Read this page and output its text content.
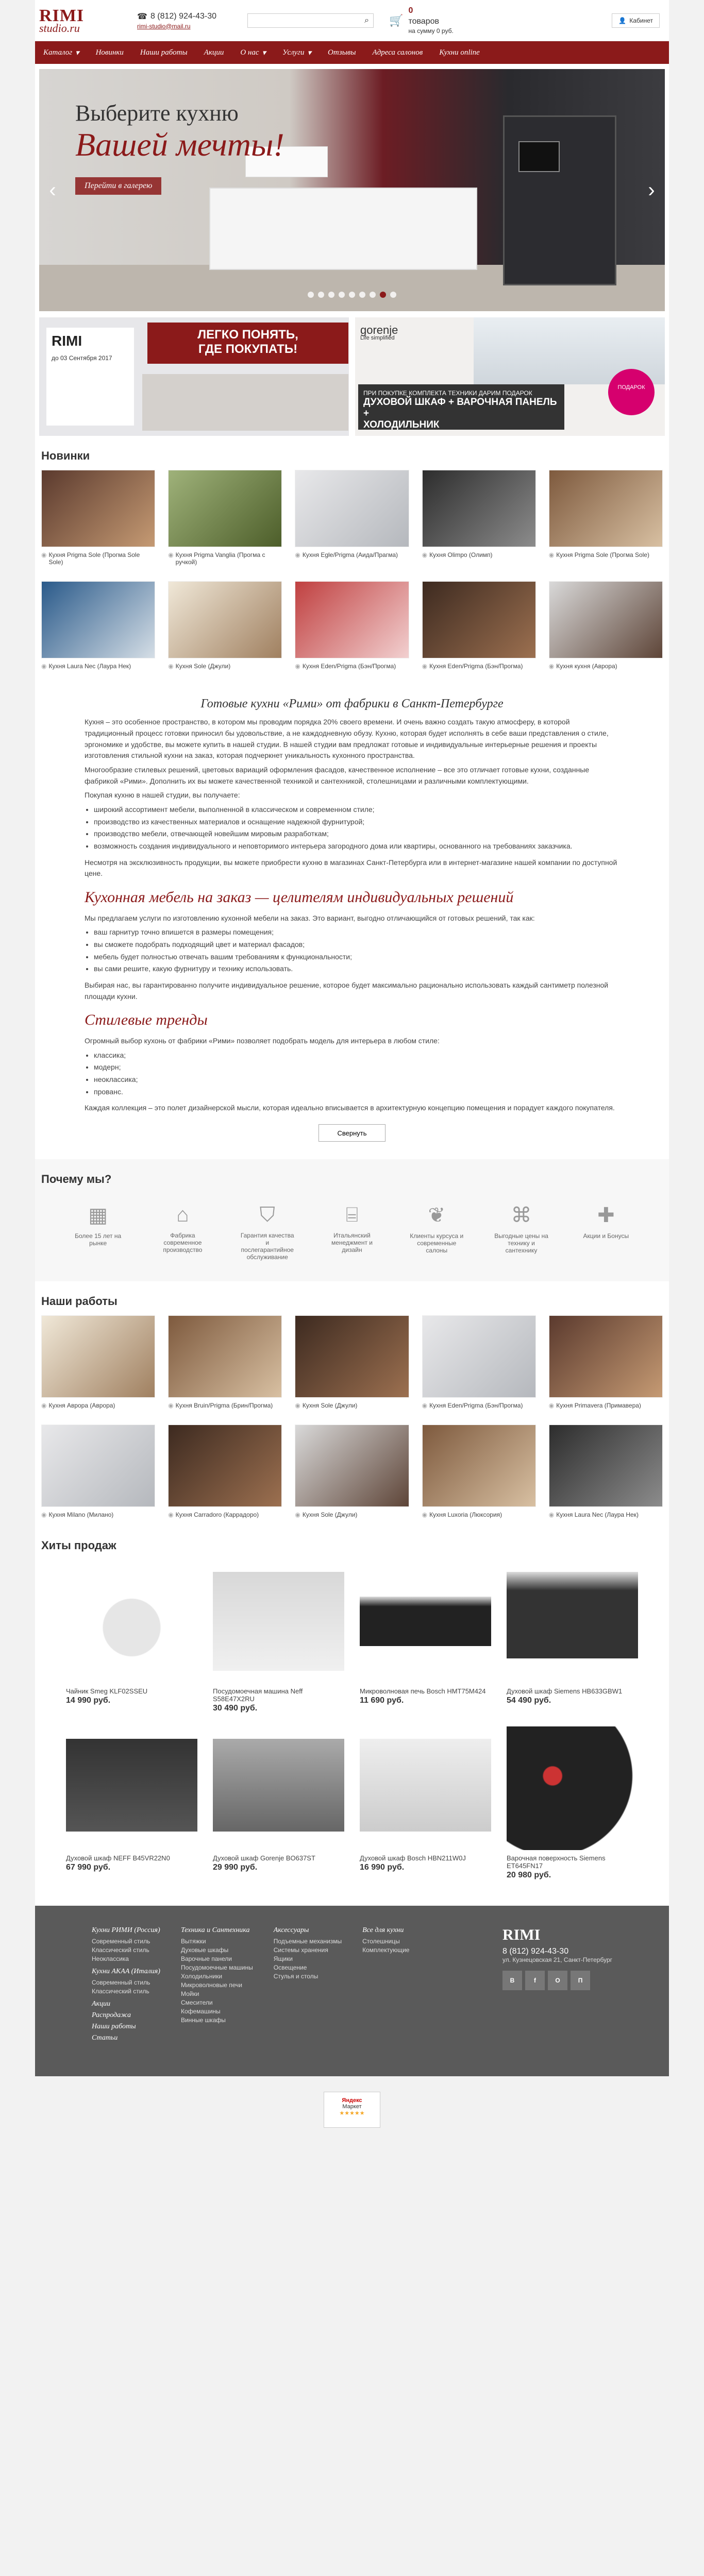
RIMI
studio.ru
☎ 8 (812) 924-43-30
rimi-studio@mail.ru
⌕ 🛒
0
товаров
на сумму 0 руб.
👤 Кабинет
Каталог ▾ Новинки Наши работы Акции О нас ▾ Услуги ▾ Отзывы Адреса салонов Кухни online
Выберите кухню
Вашей мечты!
Перейти в галерею
‹	›
RIMI
до 03 Сентября 2017
ЛЕГКО ПОНЯТЬ,
ГДЕ ПОКУПАТЬ!
gorenje
Life simplified
ПРИ ПОКУПКЕ КОМПЛЕКТА ТЕХНИКИ ДАРИМ ПОДАРОК
ДУХОВОЙ ШКАФ + ВАРОЧНАЯ ПАНЕЛЬ +
ХОЛОДИЛЬНИК
ПОДАРОК
Новинки
◉ Кухня Prigma Sole (Прогма Sole Sole)
◉ Кухня Prigma Vanglia (Прогма с ручкой)
◉ Кухня Egle/Prigma (Аида/Прагма)	◉ Кухня Olimpo (Олимп)	◉ Кухня Prigma Sole (Прогма Sole)
◉ Кухня Laura Nec (Лаура Нек)	◉ Кухня Sole (Джули)	◉ Кухня Eden/Prigma (Бэн/Прогма)	◉ Кухня Eden/Prigma (Бэн/Прогма)	◉ Кухня кухня (Аврора)
Готовые кухни «Рими» от фабрики в Санкт-Петербурге

Кухня – это особенное пространство, в котором мы проводим порядка 20% своего времени. И очень важно создать такую атмосферу, в которой традиционный процесс готовки приносил бы удовольствие, а не каждодневную обузу. Кухню, которая будет исполнять в себе ваши представления о стиле, эргономике и удобстве, вы можете купить в нашей студии. В нашей студии вам предложат готовые и индивидуальные интерьерные решения и проекты изготовления стильной кухни на заказ, которая подчеркнет уникальность кухонного пространства.

Многообразие стилевых решений, цветовых вариаций оформления фасадов, качественное исполнение – все это отличает готовые кухни, созданные фабрикой «Рими». Дополнить их вы можете качественной техникой и сантехникой, столешницами и различными комплектующими.

Покупая кухню в нашей студии, вы получаете:

• широкий ассортимент мебели, выполненной в классическом и современном стиле;
• производство из качественных материалов и оснащение надежной фурнитурой;
• производство мебели, отвечающей новейшим мировым разработкам;
• возможность создания индивидуального и неповторимого интерьера загородного дома или квартиры, основанного на требованиях заказчика.

Несмотря на эксклюзивность продукции, вы можете приобрести кухню в магазинах Санкт-Петербурга или в интернет-магазине нашей компании по доступной цене.

Кухонная мебель на заказ — целителям индивидуальных решений

Мы предлагаем услуги по изготовлению кухонной мебели на заказ. Это вариант, выгодно отличающийся от готовых решений, так как:

• ваш гарнитур точно впишется в размеры помещения;
• вы сможете подобрать подходящий цвет и материал фасадов;
• мебель будет полностью отвечать вашим требованиям к функциональности;
• вы сами решите, какую фурнитуру и технику использовать.

Выбирая нас, вы гарантированно получите индивидуальное решение, которое будет максимально рационально использовать каждый сантиметр полезной площади кухни.

Стилевые тренды

Огромный выбор кухонь от фабрики «Рими» позволяет подобрать модель для интерьера в любом стиле:

• классика;
• модерн;
• неоклассика;
• прованс.

Каждая коллекция – это полет дизайнерской мысли, которая идеально вписывается в архитектурную концепцию помещения и порадует каждого покупателя.

Свернуть
Почему мы?
▦
Более 15 лет на рынке
⌂
Фабрика современное производство
⛉
Гарантия качества и послегарантийное обслуживание
⌸
Итальянский менеджмент и дизайн
❦
Клиенты курсуса и современные салоны
⌘
Выгодные цены на технику и сантехнику
✚
Акции и Бонусы
Наши работы
◉ Кухня Аврора (Аврора)	◉ Кухня Bruin/Prigma (Брин/Прогма)	◉ Кухня Sole (Джули)	◉ Кухня Eden/Prigma (Бэн/Прогма)	◉ Кухня Primavera (Примавера)
◉ Кухня Milano (Милано)	◉ Кухня Carradoro (Каррадоро)	◉ Кухня Sole (Джули)	◉ Кухня Luxoria (Люксория)	◉ Кухня Laura Nec (Лаура Нек)
Хиты продаж
Чайник Smeg KLF02SSEU
14 990 руб.
Посудомоечная машина Neff S58E47X2RU
30 490 руб.
Микроволновая печь Bosch HMT75M424
11 690 руб.
Духовой шкаф Siemens HB633GBW1
54 490 руб.
Духовой шкаф NEFF B45VR22N0
67 990 руб.
Духовой шкаф Gorenje BO637ST
29 990 руб.
Духовой шкаф Bosch HBN211W0J
16 990 руб.
Варочная поверхность Siemens ET645FN17
20 980 руб.
Кухни РИМИ (Россия)

Современный стиль

Классический стиль

Неоклассика

Кухни AKAA (Италия)

Современный стиль

Классический стиль

Акции
Распродажа
Наши работы
Статьи
Техника и Сантехника

Вытяжки

Духовые шкафы

Варочные панели

Посудомоечные машины

Холодильники

Микроволновые печи

Мойки

Смесители

Кофемашины

Винные шкафы

Аксессуары

Подъемные механизмы

Системы хранения

Ящики

Освещение

Стулья и столы

Все для кухни

Столешницы

Комплектующие

RIMI
8 (812) 924-43-30
ул. Кузнецовская 21, Санкт-Петербург
В	f	О	П
Яндекс
Маркет
★★★★★
